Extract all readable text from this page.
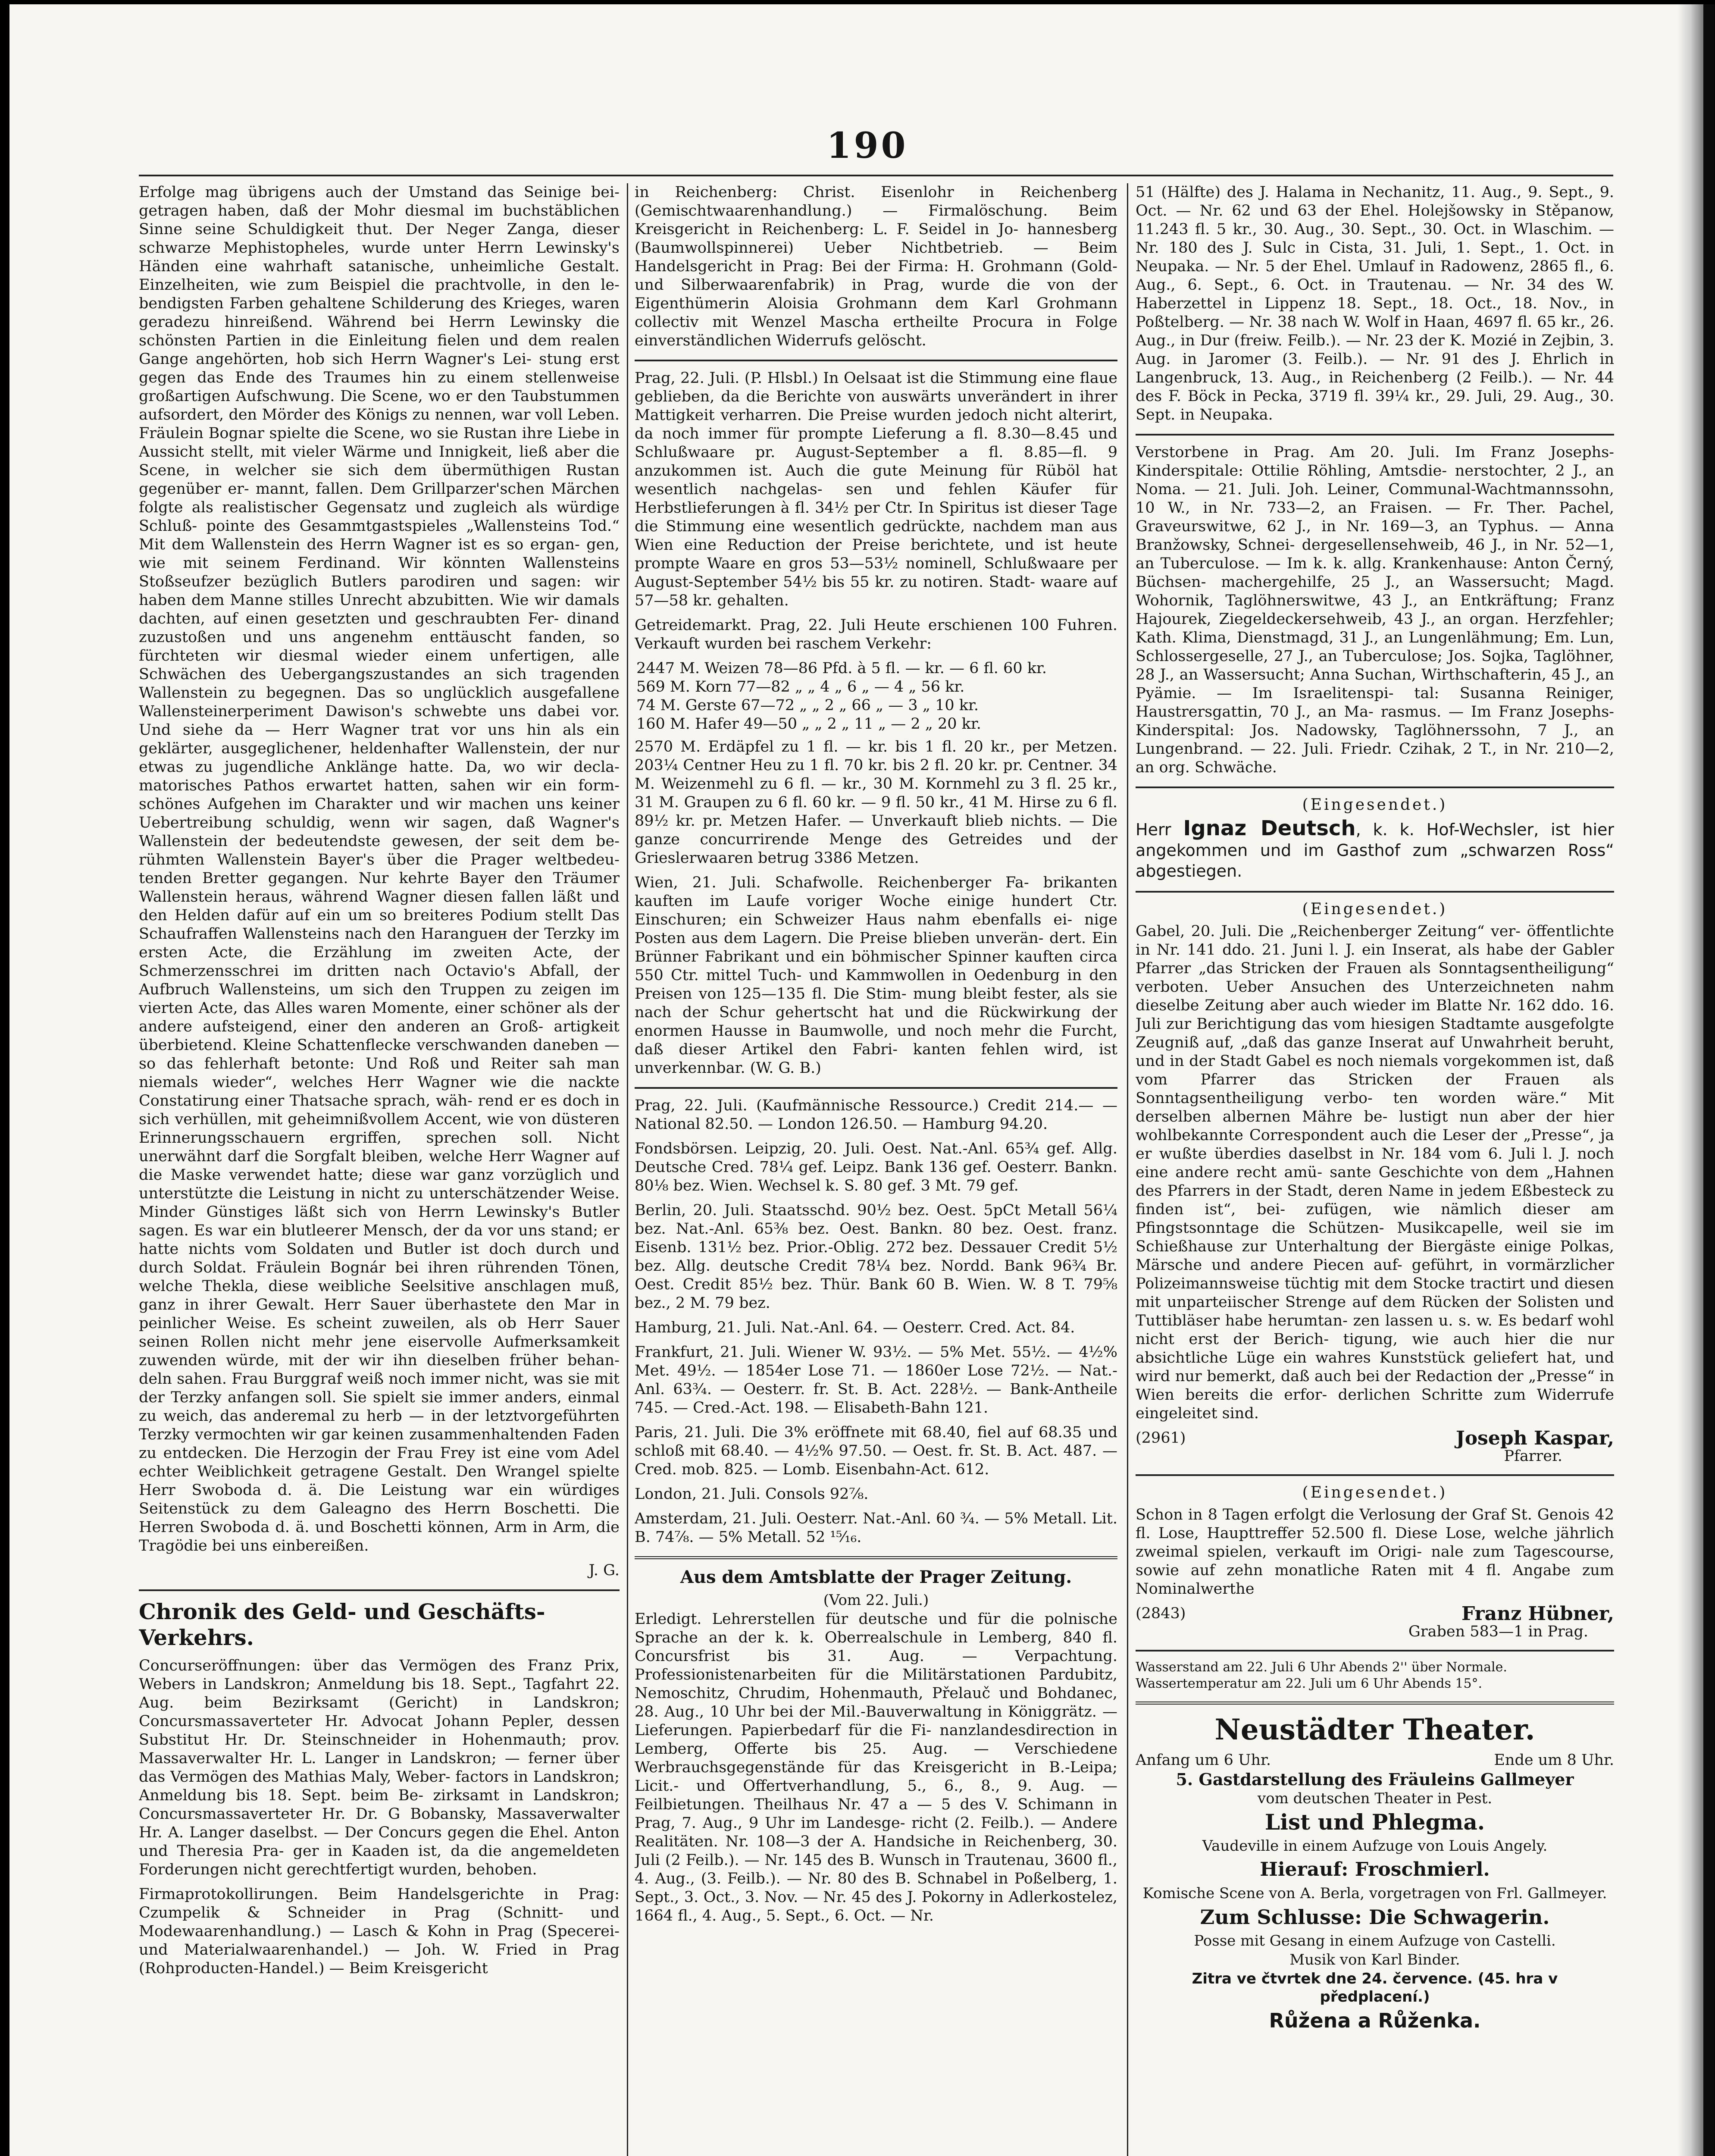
190

Erfolge mag übrigens auch der Umstand das Seinige bei- getragen haben, daß der Mohr diesmal im buchstäblichen Sinne seine Schuldigkeit thut. Der Neger Zanga, dieser schwarze Mephistopheles, wurde unter Herrn Lewinsky's Händen eine wahrhaft satanische, unheimliche Gestalt. Einzelheiten, wie zum Beispiel die prachtvolle, in den le- bendigsten Farben gehaltene Schilderung des Krieges, waren geradezu hinreißend. Während bei Herrn Lewinsky die schönsten Partien in die Einleitung fielen und dem realen Gange angehörten, hob sich Herrn Wagner's Lei- stung erst gegen das Ende des Traumes hin zu einem stellenweise großartigen Aufschwung. Die Scene, wo er den Taubstummen aufsordert, den Mörder des Königs zu nennen, war voll Leben. Fräulein Bognar spielte die Scene, wo sie Rustan ihre Liebe in Aussicht stellt, mit vieler Wärme und Innigkeit, ließ aber die Scene, in welcher sie sich dem übermüthigen Rustan gegenüber er- mannt, fallen. Dem Grillparzer'schen Märchen folgte als realistischer Gegensatz und zugleich als würdige Schluß- pointe des Gesammtgastspieles „Wallensteins Tod.“ Mit dem Wallenstein des Herrn Wagner ist es so ergan- gen, wie mit seinem Ferdinand. Wir könnten Wallensteins Stoßseufzer bezüglich Butlers parodiren und sagen: wir haben dem Manne stilles Unrecht abzubitten. Wie wir damals dachten, auf einen gesetzten und geschraubten Fer- dinand zuzustoßen und uns angenehm enttäuscht fanden, so fürchteten wir diesmal wieder einem unfertigen, alle Schwächen des Uebergangszustandes an sich tragenden Wallenstein zu begegnen. Das so unglücklich ausgefallene Wallensteinerperiment Dawison's schwebte uns dabei vor. Und siehe da — Herr Wagner trat vor uns hin als ein geklärter, ausgeglichener, heldenhafter Wallenstein, der nur etwas zu jugendliche Anklänge hatte. Da, wo wir decla- matorisches Pathos erwartet hatten, sahen wir ein form- schönes Aufgehen im Charakter und wir machen uns keiner Uebertreibung schuldig, wenn wir sagen, daß Wagner's Wallenstein der bedeutendste gewesen, der seit dem be- rühmten Wallenstein Bayer's über die Prager weltbedeu- tenden Bretter gegangen. Nur kehrte Bayer den Träumer Wallenstein heraus, während Wagner diesen fallen läßt und den Helden dafür auf ein um so breiteres Podium stellt Das Schaufraffen Wallensteins nach den Harangueн der Terzky im ersten Acte, die Erzählung im zweiten Acte, der Schmerzensschrei im dritten nach Octavio's Abfall, der Aufbruch Wallensteins, um sich den Truppen zu zeigen im vierten Acte, das Alles waren Momente, einer schöner als der andere aufsteigend, einer den anderen an Groß- artigkeit überbietend. Kleine Schattenflecke verschwanden daneben — so das fehlerhaft betonte: Und Roß und Reiter sah man niemals wieder“, welches Herr Wagner wie die nackte Constatirung einer Thatsache sprach, wäh- rend er es doch in sich verhüllen, mit geheimnißvollem Accent, wie von düsteren Erinnerungsschauern ergriffen, sprechen soll. Nicht unerwähnt darf die Sorgfalt bleiben, welche Herr Wagner auf die Maske verwendet hatte; diese war ganz vorzüglich und unterstützte die Leistung in nicht zu unterschätzender Weise. Minder Günstiges läßt sich von Herrn Lewinsky's Butler sagen. Es war ein blutleerer Mensch, der da vor uns stand; er hatte nichts vom Soldaten und Butler ist doch durch und durch Soldat. Fräulein Bognár bei ihren rührenden Tönen, welche Thekla, diese weibliche Seelsitive anschlagen muß, ganz in ihrer Gewalt. Herr Sauer überhastete den Mar in peinlicher Weise. Es scheint zuweilen, als ob Herr Sauer seinen Rollen nicht mehr jene eiservolle Aufmerksamkeit zuwenden würde, mit der wir ihn dieselben früher behan- deln sahen. Frau Burggraf weiß noch immer nicht, was sie mit der Terzky anfangen soll. Sie spielt sie immer anders, einmal zu weich, das anderemal zu herb — in der letztvorgeführten Terzky vermochten wir gar keinen zusammenhaltenden Faden zu entdecken. Die Herzogin der Frau Frey ist eine vom Adel echter Weiblichkeit getragene Gestalt. Den Wrangel spielte Herr Swoboda d. ä. Die Leistung war ein würdiges Seitenstück zu dem Galeagno des Herrn Boschetti. Die Herren Swoboda d. ä. und Boschetti können, Arm in Arm, die Tragödie bei uns einbereißen.

J. G.

Chronik des Geld- und Geschäfts-Verkehrs.

Concurseröffnungen: über das Vermögen des Franz Prix, Webers in Landskron; Anmeldung bis 18. Sept., Tagfahrt 22. Aug. beim Bezirksamt (Gericht) in Landskron; Concursmassaverteter Hr. Advocat Johann Pepler, dessen Substitut Hr. Dr. Steinschneider in Hohenmauth; prov. Massaverwalter Hr. L. Langer in Landskron; — ferner über das Vermögen des Mathias Maly, Weber- factors in Landskron; Anmeldung bis 18. Sept. beim Be- zirksamt in Landskron; Concursmassaverteter Hr. Dr. G Bobansky, Massaverwalter Hr. A. Langer daselbst. — Der Concurs gegen die Ehel. Anton und Theresia Pra- ger in Kaaden ist, da die angemeldeten Forderungen nicht gerechtfertigt wurden, behoben.

Firmaprotokollirungen. Beim Handelsgerichte in Prag: Czumpelik & Schneider in Prag (Schnitt- und Modewaarenhandlung.) — Lasch & Kohn in Prag (Specerei- und Materialwaarenhandel.) — Joh. W. Fried in Prag (Rohproducten-Handel.) — Beim Kreisgericht

in Reichenberg: Christ. Eisenlohr in Reichenberg (Gemischtwaarenhandlung.) — Firmalöschung. Beim Kreisgericht in Reichenberg: L. F. Seidel in Jo- hannesberg (Baumwollspinnerei) Ueber Nichtbetrieb. — Beim Handelsgericht in Prag: Bei der Firma: H. Grohmann (Gold- und Silberwaarenfabrik) in Prag, wurde die von der Eigenthümerin Aloisia Grohmann dem Karl Grohmann collectiv mit Wenzel Mascha ertheilte Procura in Folge einverständlichen Widerrufs gelöscht.

Prag, 22. Juli. (P. Hlsbl.) In Oelsaat ist die Stimmung eine flaue geblieben, da die Berichte von auswärts unverändert in ihrer Mattigkeit verharren. Die Preise wurden jedoch nicht alterirt, da noch immer für prompte Lieferung a fl. 8.30—8.45 und Schlußwaare pr. August-September a fl. 8.85—fl. 9 anzukommen ist. Auch die gute Meinung für Rüböl hat wesentlich nachgelas- sen und fehlen Käufer für Herbstlieferungen à fl. 34½ per Ctr. In Spiritus ist dieser Tage die Stimmung eine wesentlich gedrückte, nachdem man aus Wien eine Reduction der Preise berichtete, und ist heute prompte Waare en gros 53—53½ nominell, Schlußwaare per August-September 54½ bis 55 kr. zu notiren. Stadt- waare auf 57—58 kr. gehalten.

Getreidemarkt. Prag, 22. Juli Heute erschienen 100 Fuhren. Verkauft wurden bei raschem Verkehr:

2447 M. Weizen 78—86 Pfd. à 5 fl. — kr. — 6 fl. 60 kr.
569 M. Korn 77—82 „ „ 4 „ 6 „ — 4 „ 56 kr.
74 M. Gerste 67—72 „ „ 2 „ 66 „ — 3 „ 10 kr.
160 M. Hafer 49—50 „ „ 2 „ 11 „ — 2 „ 20 kr.

2570 M. Erdäpfel zu 1 fl. — kr. bis 1 fl. 20 kr., per Metzen. 203¼ Centner Heu zu 1 fl. 70 kr. bis 2 fl. 20 kr. pr. Centner. 34 M. Weizenmehl zu 6 fl. — kr., 30 M. Kornmehl zu 3 fl. 25 kr., 31 M. Graupen zu 6 fl. 60 kr. — 9 fl. 50 kr., 41 M. Hirse zu 6 fl. 89½ kr. pr. Metzen Hafer. — Unverkauft blieb nichts. — Die ganze concurrirende Menge des Getreides und der Grieslerwaaren betrug 3386 Metzen.

Wien, 21. Juli. Schafwolle. Reichenberger Fa- brikanten kauften im Laufe voriger Woche einige hundert Ctr. Einschuren; ein Schweizer Haus nahm ebenfalls ei- nige Posten aus dem Lagern. Die Preise blieben unverän- dert. Ein Brünner Fabrikant und ein böhmischer Spinner kauften circa 550 Ctr. mittel Tuch- und Kammwollen in Oedenburg in den Preisen von 125—135 fl. Die Stim- mung bleibt fester, als sie nach der Schur gehertscht hat und die Rückwirkung der enormen Hausse in Baumwolle, und noch mehr die Furcht, daß dieser Artikel den Fabri- kanten fehlen wird, ist unverkennbar. (W. G. B.)

Prag, 22. Juli. (Kaufmännische Ressource.) Credit 214.— — National 82.50. — London 126.50. — Hamburg 94.20.

Fondsbörsen. Leipzig, 20. Juli. Oest. Nat.-Anl. 65¾ gef. Allg. Deutsche Cred. 78¼ gef. Leipz. Bank 136 gef. Oesterr. Bankn. 80⅛ bez. Wien. Wechsel k. S. 80 gef. 3 Mt. 79 gef.

Berlin, 20. Juli. Staatsschd. 90½ bez. Oest. 5pCt Metall 56¼ bez. Nat.-Anl. 65⅜ bez. Oest. Bankn. 80 bez. Oest. franz. Eisenb. 131½ bez. Prior.-Oblig. 272 bez. Dessauer Credit 5½ bez. Allg. deutsche Credit 78¼ bez. Nordd. Bank 96¾ Br. Oest. Credit 85½ bez. Thür. Bank 60 B. Wien. W. 8 T. 79⅝ bez., 2 M. 79 bez.

Hamburg, 21. Juli. Nat.-Anl. 64. — Oesterr. Cred. Act. 84.

Frankfurt, 21. Juli. Wiener W. 93½. — 5% Met. 55½. — 4½% Met. 49½. — 1854er Lose 71. — 1860er Lose 72½. — Nat.-Anl. 63¾. — Oesterr. fr. St. B. Act. 228½. — Bank-Antheile 745. — Cred.-Act. 198. — Elisabeth-Bahn 121.

Paris, 21. Juli. Die 3% eröffnete mit 68.40, fiel auf 68.35 und schloß mit 68.40. — 4½% 97.50. — Oest. fr. St. B. Act. 487. — Cred. mob. 825. — Lomb. Eisenbahn-Act. 612.

London, 21. Juli. Consols 92⅞.

Amsterdam, 21. Juli. Oesterr. Nat.-Anl. 60 ¾. — 5% Metall. Lit. B. 74⅞. — 5% Metall. 52 ¹⁵⁄₁₆.

Aus dem Amtsblatte der Prager Zeitung.
(Vom 22. Juli.)

Erledigt. Lehrerstellen für deutsche und für die polnische Sprache an der k. k. Oberrealschule in Lemberg, 840 fl. Concursfrist bis 31. Aug. — Verpachtung. Professionistenarbeiten für die Militärstationen Pardubitz, Nemoschitz, Chrudim, Hohenmauth, Přelauč und Bohdanec, 28. Aug., 10 Uhr bei der Mil.-Bauverwaltung in Königgrätz. — Lieferungen. Papierbedarf für die Fi- nanzlandesdirection in Lemberg, Offerte bis 25. Aug. — Verschiedene Werbrauchsgegenstände für das Kreisgericht in B.-Leipa; Licit.- und Offertverhandlung, 5., 6., 8., 9. Aug. — Feilbietungen. Theilhaus Nr. 47 a — 5 des V. Schimann in Prag, 7. Aug., 9 Uhr im Landesge- richt (2. Feilb.). — Andere Realitäten. Nr. 108—3 der A. Handsiche in Reichenberg, 30. Juli (2 Feilb.). — Nr. 145 des B. Wunsch in Trautenau, 3600 fl., 4. Aug., (3. Feilb.). — Nr. 80 des B. Schnabel in Poßelberg, 1. Sept., 3. Oct., 3. Nov. — Nr. 45 des J. Pokorny in Adlerkostelez, 1664 fl., 4. Aug., 5. Sept., 6. Oct. — Nr.

51 (Hälfte) des J. Halama in Nechanitz, 11. Aug., 9. Sept., 9. Oct. — Nr. 62 und 63 der Ehel. Holejšowsky in Stěpanow, 11.243 fl. 5 kr., 30. Aug., 30. Sept., 30. Oct. in Wlaschim. — Nr. 180 des J. Sulc in Cista, 31. Juli, 1. Sept., 1. Oct. in Neupaka. — Nr. 5 der Ehel. Umlauf in Radowenz, 2865 fl., 6. Aug., 6. Sept., 6. Oct. in Trautenau. — Nr. 34 des W. Haberzettel in Lippenz 18. Sept., 18. Oct., 18. Nov., in Poßtelberg. — Nr. 38 nach W. Wolf in Haan, 4697 fl. 65 kr., 26. Aug., in Dur (freiw. Feilb.). — Nr. 23 der K. Mozié in Zejbin, 3. Aug. in Jaromer (3. Feilb.). — Nr. 91 des J. Ehrlich in Langenbruck, 13. Aug., in Reichenberg (2 Feilb.). — Nr. 44 des F. Böck in Pecka, 3719 fl. 39¼ kr., 29. Juli, 29. Aug., 30. Sept. in Neupaka.

Verstorbene in Prag. Am 20. Juli. Im Franz Josephs-Kinderspitale: Ottilie Röhling, Amtsdie- nerstochter, 2 J., an Noma. — 21. Juli. Joh. Leiner, Communal-Wachtmannssohn, 10 W., in Nr. 733—2, an Fraisen. — Fr. Ther. Pachel, Graveurswitwe, 62 J., in Nr. 169—3, an Typhus. — Anna Branžowsky, Schnei- dergesellensehweib, 46 J., in Nr. 52—1, an Tuberculose. — Im k. k. allg. Krankenhause: Anton Černý, Büchsen- machergehilfe, 25 J., an Wassersucht; Magd. Wohornik, Taglöhnerswitwe, 43 J., an Entkräftung; Franz Hajourek, Ziegeldeckersehweib, 43 J., an organ. Herzfehler; Kath. Klima, Dienstmagd, 31 J., an Lungenlähmung; Em. Lun, Schlossergeselle, 27 J., an Tuberculose; Jos. Sojka, Taglöhner, 28 J., an Wassersucht; Anna Suchan, Wirthschafterin, 45 J., an Pyämie. — Im Israelitenspi- tal: Susanna Reiniger, Haustrersgattin, 70 J., an Ma- rasmus. — Im Franz Josephs-Kinderspital: Jos. Nadowsky, Taglöhnerssohn, 7 J., an Lungenbrand. — 22. Juli. Friedr. Czihak, 2 T., in Nr. 210—2, an org. Schwäche.

(Eingesendet.)

Herr Ignaz Deutsch, k. k. Hof-Wechsler, ist hier angekommen und im Gasthof zum „schwarzen Ross“ abgestiegen.

(Eingesendet.)

Gabel, 20. Juli. Die „Reichenberger Zeitung“ ver- öffentlichte in Nr. 141 ddo. 21. Juni l. J. ein Inserat, als habe der Gabler Pfarrer „das Stricken der Frauen als Sonntagsentheiligung“ verboten. Ueber Ansuchen des Unterzeichneten nahm dieselbe Zeitung aber auch wieder im Blatte Nr. 162 ddo. 16. Juli zur Berichtigung das vom hiesigen Stadtamte ausgefolgte Zeugniß auf, „daß das ganze Inserat auf Unwahrheit beruht, und in der Stadt Gabel es noch niemals vorgekommen ist, daß vom Pfarrer das Stricken der Frauen als Sonntagsentheiligung verbo- ten worden wäre.“ Mit derselben albernen Mähre be- lustigt nun aber der hier wohlbekannte Correspondent auch die Leser der „Presse“, ja er wußte überdies daselbst in Nr. 184 vom 6. Juli l. J. noch eine andere recht amü- sante Geschichte von dem „Hahnen des Pfarrers in der Stadt, deren Name in jedem Eßbesteck zu finden ist“, bei- zufügen, wie nämlich dieser am Pfingstsonntage die Schützen- Musikcapelle, weil sie im Schießhause zur Unterhaltung der Biergäste einige Polkas, Märsche und andere Piecen auf- geführt, in vormärzlicher Polizeimannsweise tüchtig mit dem Stocke tractirt und diesen mit unparteiischer Strenge auf dem Rücken der Solisten und Tuttibläser habe herumtan- zen lassen u. s. w. Es bedarf wohl nicht erst der Berich- tigung, wie auch hier die nur absichtliche Lüge ein wahres Kunststück geliefert hat, und wird nur bemerkt, daß auch bei der Redaction der „Presse“ in Wien bereits die erfor- derlichen Schritte zum Widerrufe eingeleitet sind.

(2961)	Joseph Kaspar,
Pfarrer.
(Eingesendet.)

Schon in 8 Tagen erfolgt die Verlosung der Graf St. Genois 42 fl. Lose, Haupttreffer 52.500 fl. Diese Lose, welche jährlich zweimal spielen, verkauft im Origi- nale zum Tagescourse, sowie auf zehn monatliche Raten mit 4 fl. Angabe zum Nominalwerthe

(2843)	Franz Hübner,
Graben 583—1 in Prag.
Wasserstand am 22. Juli 6 Uhr Abends 2'' über Normale.
Wassertemperatur am 22. Juli um 6 Uhr Abends 15°.
Neustädter Theater.
Anfang um 6 Uhr.	Ende um 8 Uhr.
5. Gastdarstellung des Fräuleins Gallmeyer
vom deutschen Theater in Pest.
List und Phlegma.
Vaudeville in einem Aufzuge von Louis Angely.
Hierauf: Froschmierl.
Komische Scene von A. Berla, vorgetragen von Frl. Gallmeyer.
Zum Schlusse: Die Schwagerin.
Posse mit Gesang in einem Aufzuge von Castelli.
Musik von Karl Binder.
Zitra ve čtvrtek dne 24. července. (45. hra v předplacení.)
Růžena a Růženka.
